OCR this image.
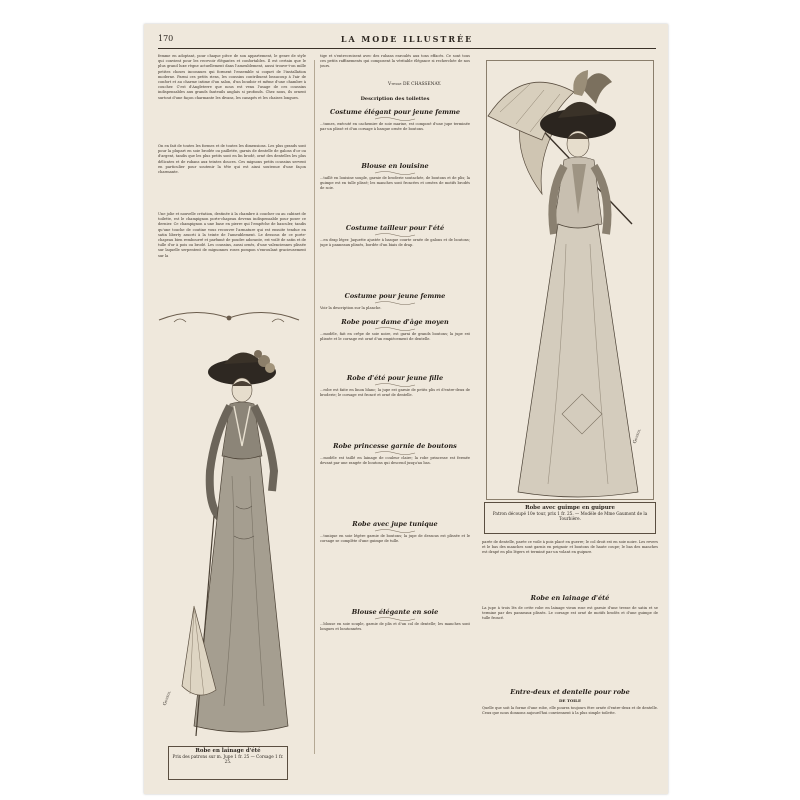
170	LA MODE ILLUSTRÉE
femme en adoptant, pour chaque pièce de son appartement, le genre de style qui convient pour les recevoir élégantes et confortables. Il est certain que le plus grand luxe règne actuellement dans l'ameublement, aussi trouve-t-on mille petites choses inconnues qui forment l'ensemble si coquet de l'installation moderne. Parmi ces petits riens, les coussins contribuent beaucoup à l'air de confort et au charme intime d'un salon, d'un boudoir et même d'une chambre à coucher. C'est d'Angleterre que nous est venu l'usage de ces coussins indispensables aux grands fauteuils anglais si profonds. Chez nous, ils ornent surtout d'une façon charmante les divans, les canapés et les chaises longues.
On en fait de toutes les formes et de toutes les dimensions. Les plus grands sont pour la plupart en soie brodée ou pailletée, garnis de dentelle de galons d'or ou d'argent, tandis que les plus petits sont en lin brodé, orné des dentelles les plus délicates et de rubans aux teintes douces. Ces mignons petits coussins servent en particulier pour soutenir la tête qui est ainsi soutenue d'une façon charmante.
Une jolie et nouvelle création, destinée à la chambre à coucher ou au cabinet de toilette, est le champignon porte-chapeau devenu indispensable pour poser ce dernier. Ce champignon a une base en pierre qui l'empêche de basculer, tandis qu'une touche de coutine vous recouvre l'armature qui est ensuite tendue en satin liberty assorti à la teinte de l'ameublement. Le dessous de ce porte-chapeau bien rembourré et parfumé de poudre adorante, est voilé de satin et de tulle d'or à pois ou brodé. Les coussins, aussi ornés, d'une valenciennes plissée sur laquelle serpentent de mignonnes roses pompon s'enroulant gracieusement sur la
Gonsol
Robe en lainage d'été
Prix des patrons sur m. Jupe 1 fr. 25 — Corsage 1 fr. 25.
tige et s'entrecroisent avec des rubans enroulés aux tons effacés. Ce sont tous ces petits raffinements qui composent la véritable élégance si recherchée de nos jours.
Vtesse DE CHASSENAY.
Description des toilettes
Gonsol
Robe avec guimpe en guipure
Patron découpé 10e tour, prix 1 fr. 25. — Modèle de Mme Gaumont de la Tourbière.
parée de dentelle, parée ce voile à pois placé en guerre; le col droit est en soie noire. Les revers et le bas des manches sont garnis en peignoir et boutons de haute coupe; le bas des manches est drapé en plis légers et terminé par un volant en guipure.
Robe en lainage d'été
La jupe à trois lés de cette robe en lainage vieux rose est garnie d'une tresse de satin et se termine par des panneaux plissés. Le corsage est orné de motifs brodés et d'une guimpe de tulle froncé.
Entre-deux et dentelle pour robe
DE TOILE
Quelle que soit la forme d'une robe, elle pourra toujours être ornée d'entre-deux et de dentelle. Ceux que nous donnons aujourd'hui conviennent à la plus simple toilette.
Costume élégant pour jeune femme
...tumes, exécuté en cachemire de soie marine, est composé d'une jupe terminée par un plissé et d'un corsage à basque ornée de boutons.
Blouse en louisine
...taillé en louisine souple, garnie de broderie soutachée, de boutons et de plis; la guimpe est en tulle plissé; les manches sont froncées et ornées de motifs brodés de soie.
Costume tailleur pour l'été
...en drap léger. Jaquette ajustée à basque courte ornée de galons et de boutons; jupe à panneaux plissés, bordée d'un biais de drap.
Costume pour jeune femme
Voir la description sur la planche.
Robe pour dame d'âge moyen
...modèle, fait en crêpe de soie noire, est garni de grands boutons; la jupe est plissée et le corsage est orné d'un empiècement de dentelle.
Robe d'été pour jeune fille
...robe est faite en linon blanc; la jupe est garnie de petits plis et d'entre-deux de broderie; le corsage est froncé et orné de dentelle.
Robe princesse garnie de boutons
...modèle est taillé en lainage de couleur claire; la robe princesse est fermée devant par une rangée de boutons qui descend jusqu'au bas.
Robe avec jupe tunique
...tunique en soie légère garnie de boutons; la jupe de dessous est plissée et le corsage se complète d'une guimpe de tulle.
Blouse élégante en soie
...blouse en soie souple, garnie de plis et d'un col de dentelle; les manches sont longues et boutonnées.
